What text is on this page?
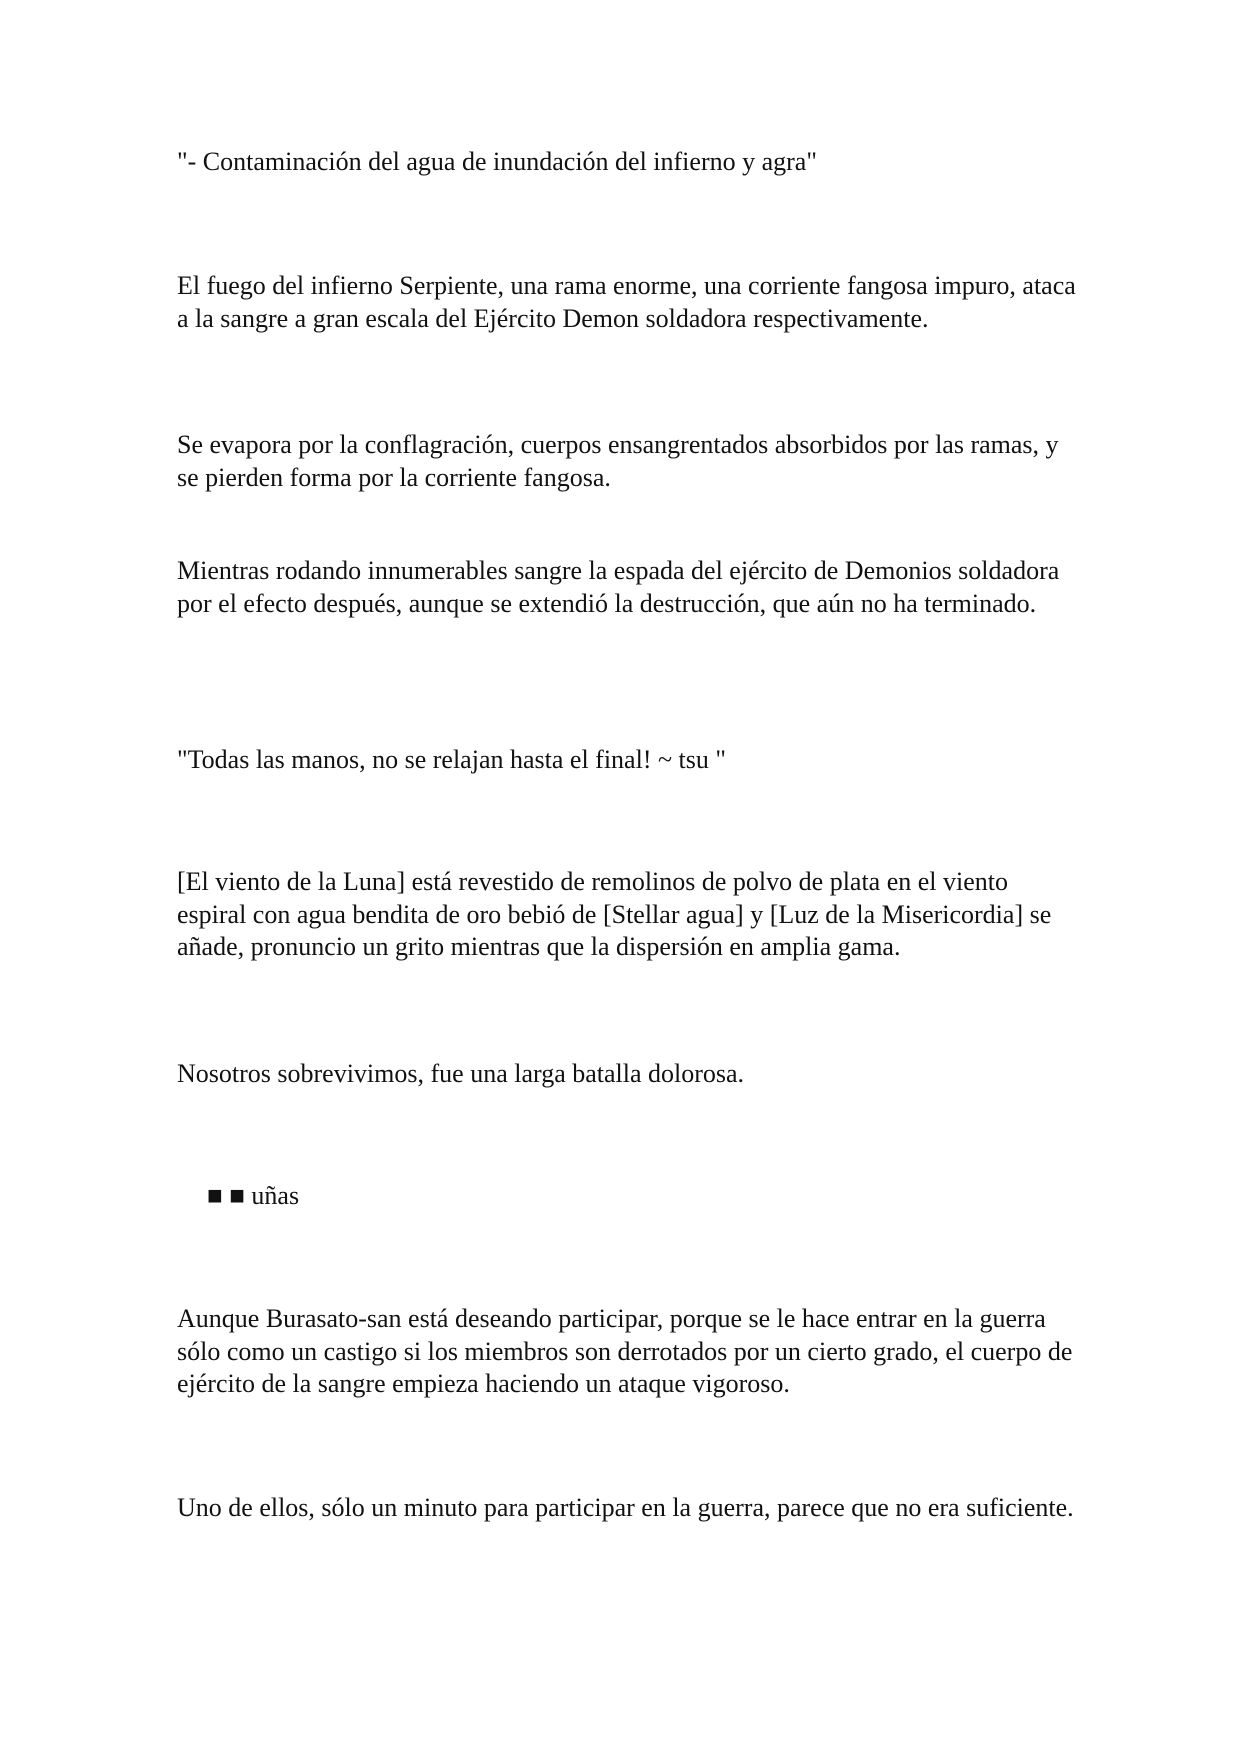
"- Contaminación del agua de inundación del infierno y agra"

El fuego del infierno Serpiente, una rama enorme, una corriente fangosa impuro, ataca a la sangre a gran escala del Ejército Demon soldadora respectivamente.

Se evapora por la conflagración, cuerpos ensangrentados absorbidos por las ramas, y se pierden forma por la corriente fangosa.

Mientras rodando innumerables sangre la espada del ejército de Demonios soldadora por el efecto después, aunque se extendió la destrucción, que aún no ha terminado.

"Todas las manos, no se relajan hasta el final! ~ tsu "

[El viento de la Luna] está revestido de remolinos de polvo de plata en el viento espiral con agua bendita de oro bebió de [Stellar agua] y [Luz de la Misericordia] se añade, pronuncio un grito mientras que la dispersión en amplia gama.

Nosotros sobrevivimos, fue una larga batalla dolorosa.

■ ■ uñas

Aunque Burasato-san está deseando participar, porque se le hace entrar en la guerra sólo como un castigo si los miembros son derrotados por un cierto grado, el cuerpo de ejército de la sangre empieza haciendo un ataque vigoroso.

Uno de ellos, sólo un minuto para participar en la guerra, parece que no era suficiente.
